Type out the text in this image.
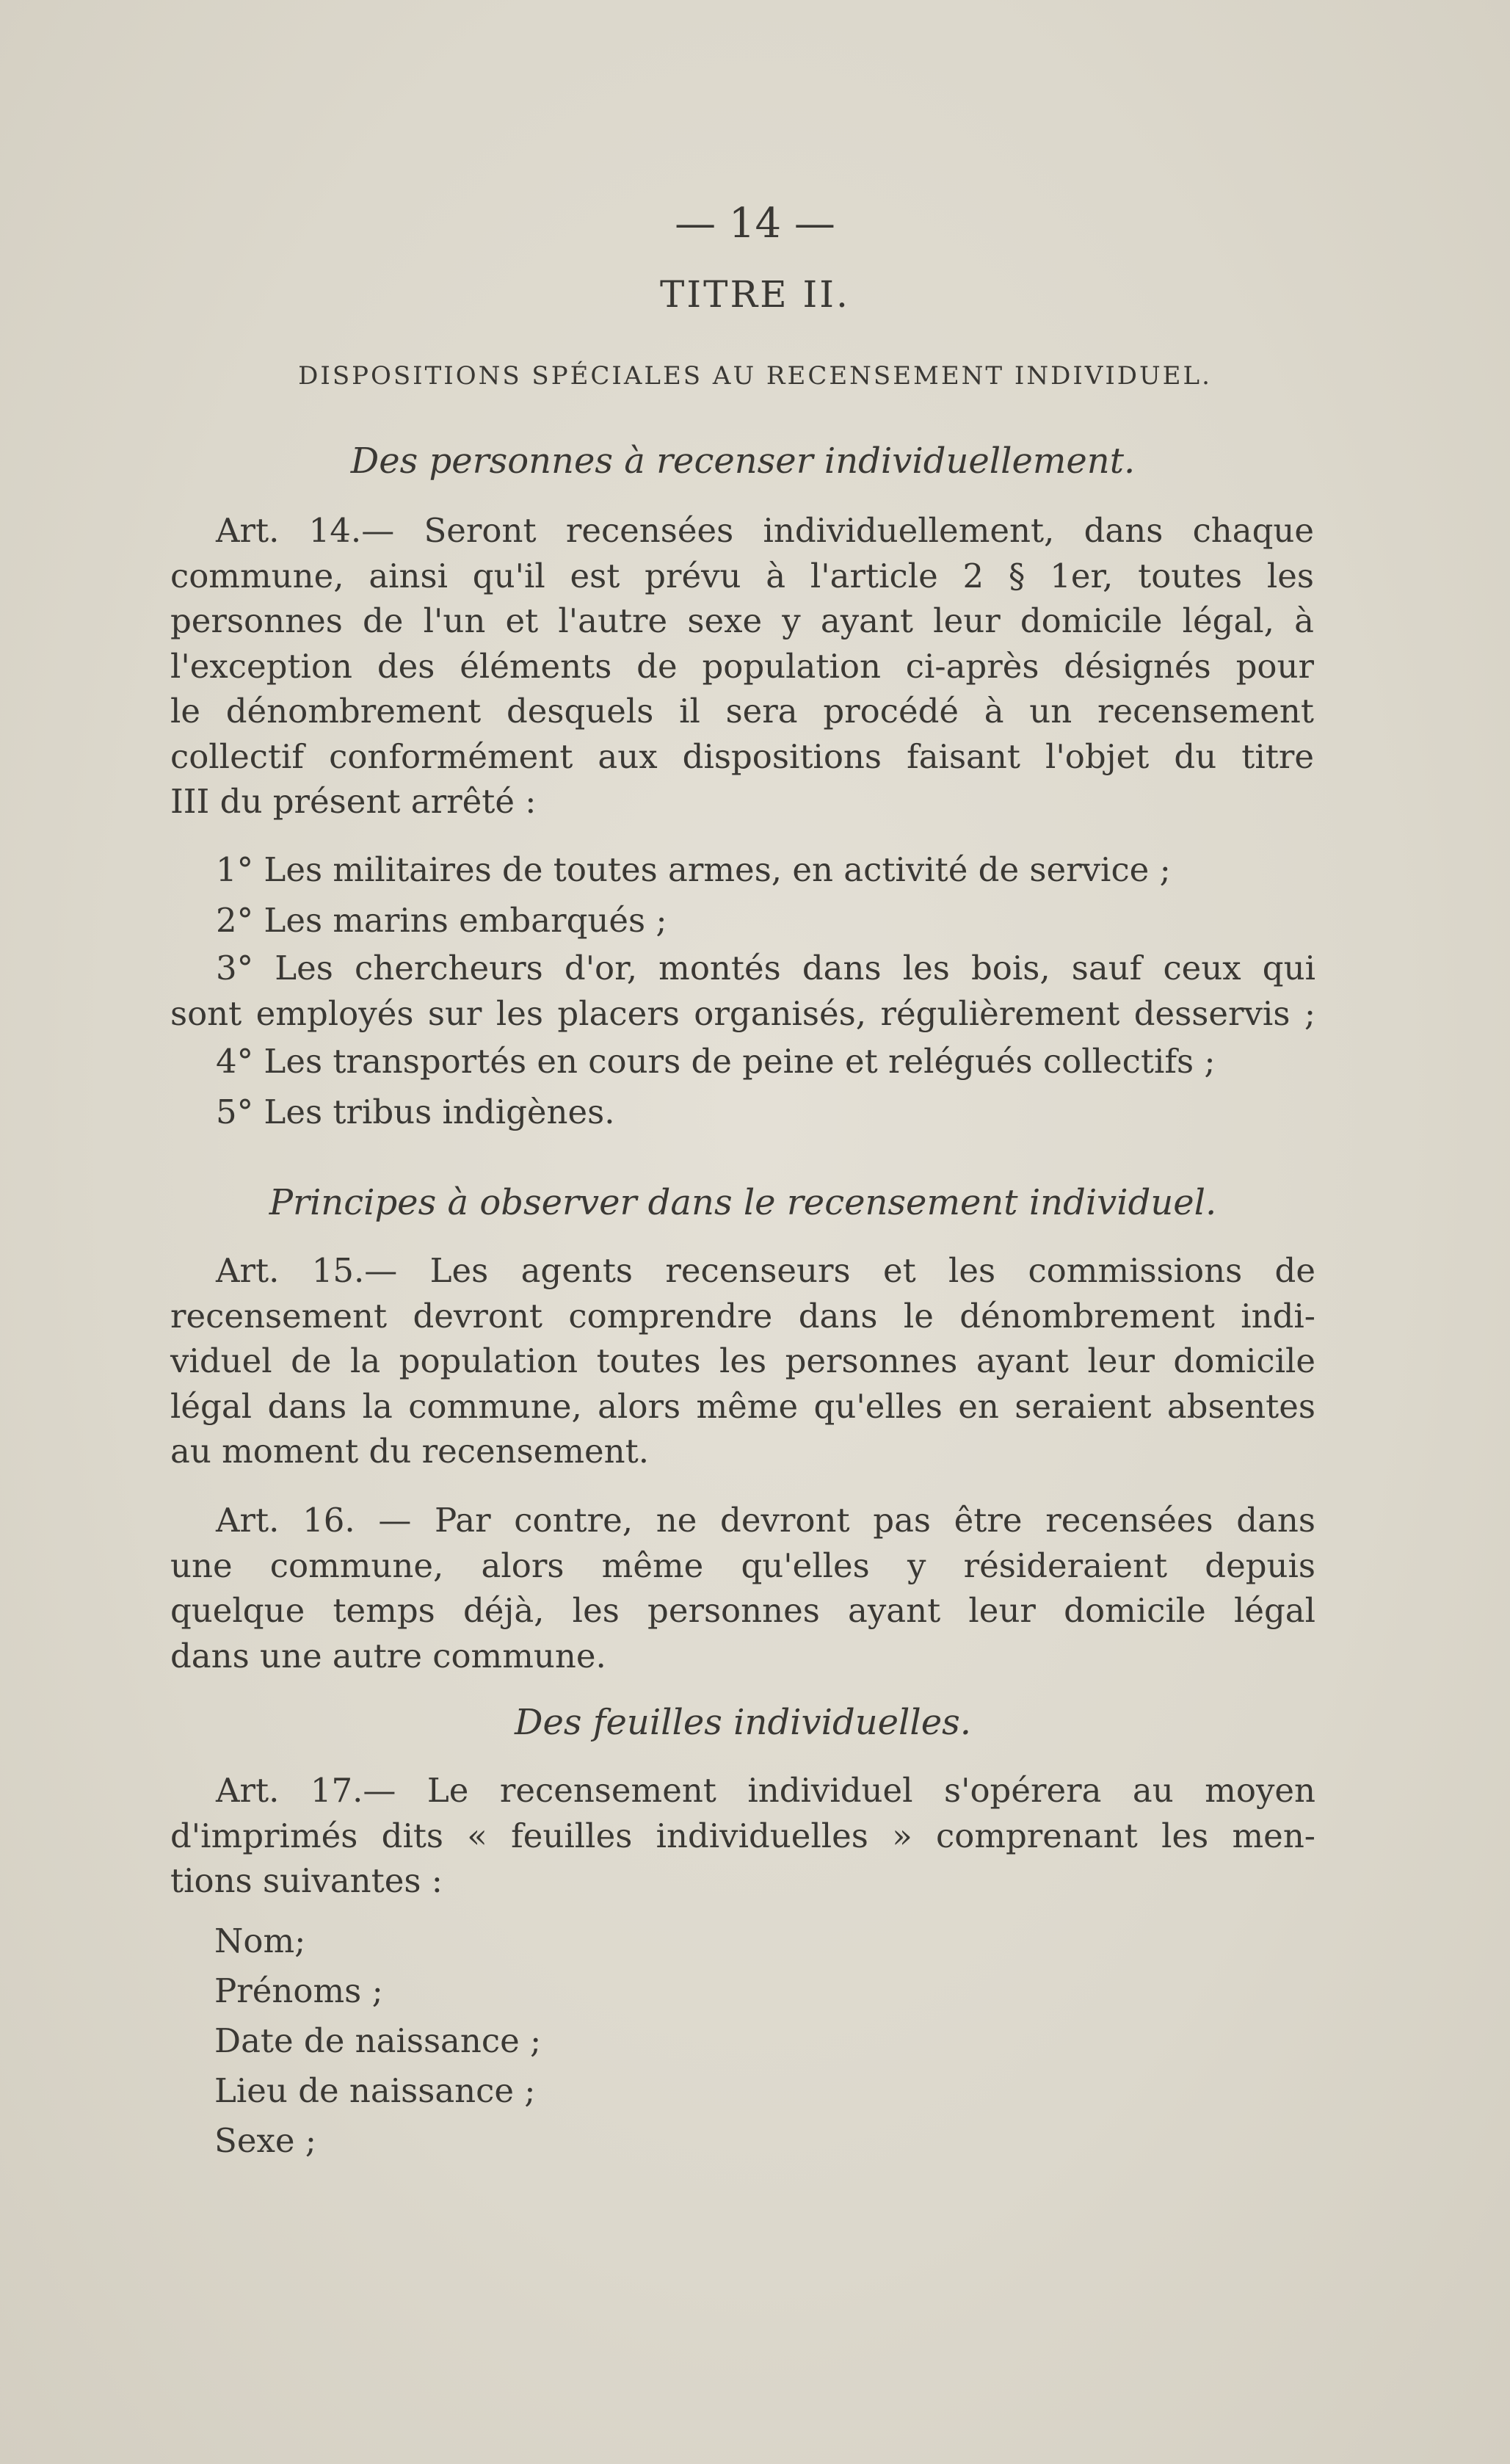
— 14 —
TITRE II.
DISPOSITIONS SPÉCIALES AU RECENSEMENT INDIVIDUEL.
Des personnes à recenser individuellement.
Art. 14.— Seront recensées individuellement, dans chaque
commune, ainsi qu'il est prévu à l'article 2 § 1er, toutes les
personnes de l'un et l'autre sexe y ayant leur domicile légal, à
l'exception des éléments de population ci-après désignés pour
le dénombrement desquels il sera procédé à un recensement
collectif conformément aux dispositions faisant l'objet du titre
III du présent arrêté :
1° Les militaires de toutes armes, en activité de service ;
2° Les marins embarqués ;
3° Les chercheurs d'or, montés dans les bois, sauf ceux qui
sont employés sur les placers organisés, régulièrement desservis ;
4° Les transportés en cours de peine et relégués collectifs ;
5° Les tribus indigènes.
Principes à observer dans le recensement individuel.
Art. 15.— Les agents recenseurs et les commissions de
recensement devront comprendre dans le dénombrement indi-
viduel de la population toutes les personnes ayant leur domicile
légal dans la commune, alors même qu'elles en seraient absentes
au moment du recensement.
Art. 16. — Par contre, ne devront pas être recensées dans
une commune, alors même qu'elles y résideraient depuis
quelque temps déjà, les personnes ayant leur domicile légal
dans une autre commune.
Des feuilles individuelles.
Art. 17.— Le recensement individuel s'opérera au moyen
d'imprimés dits « feuilles individuelles » comprenant les men-
tions suivantes :
Nom;
Prénoms ;
Date de naissance ;
Lieu de naissance ;
Sexe ;
